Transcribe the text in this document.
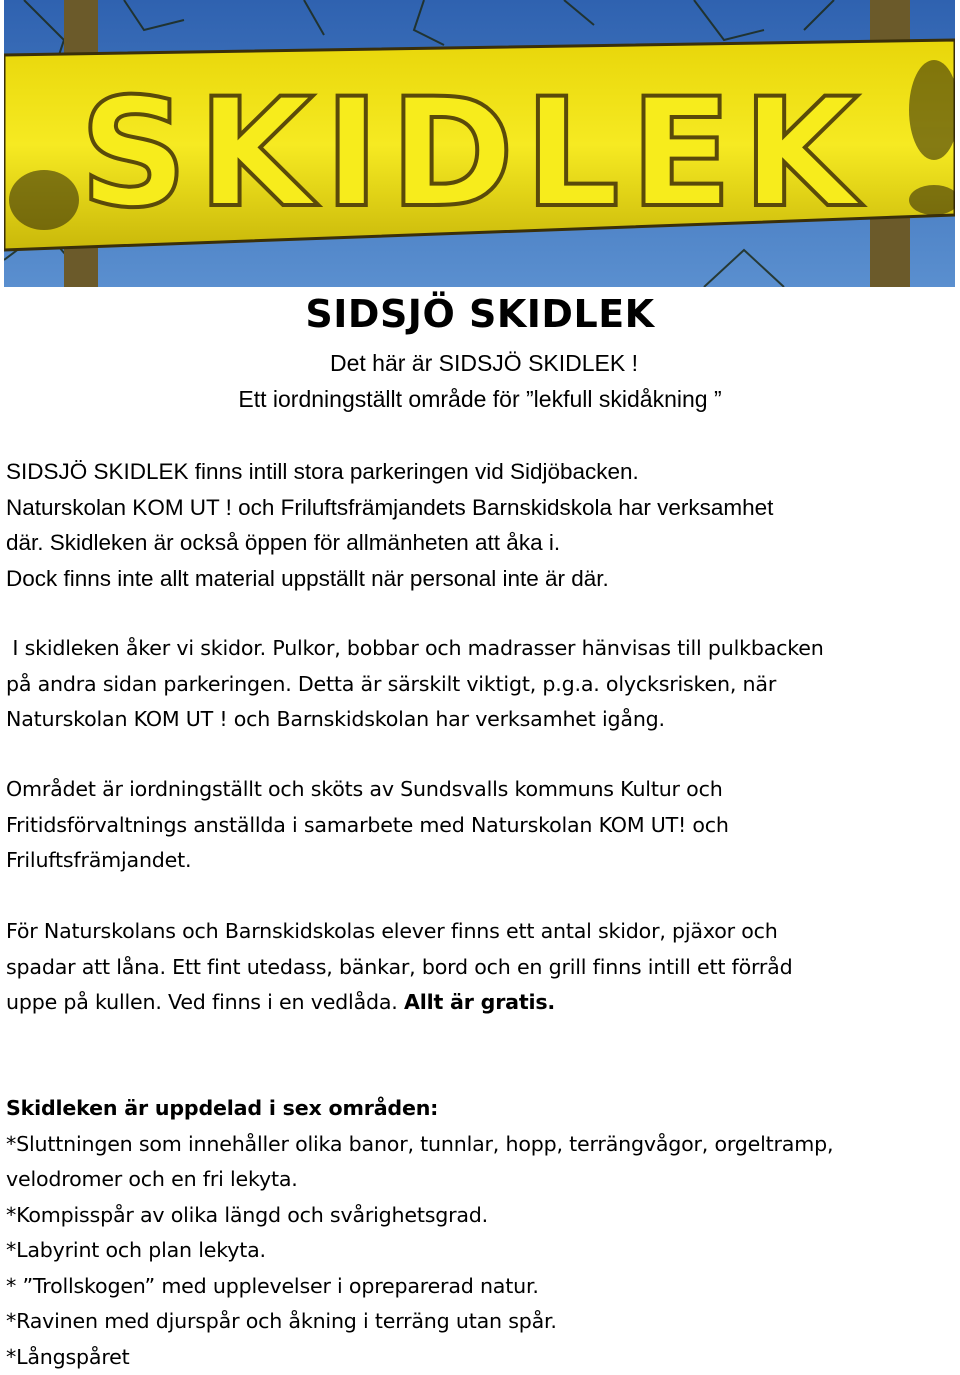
SKIDLEK
SIDSJÖ SKIDLEK

Det här är SIDSJÖ SKIDLEK !

Ett iordningställt område för ”lekfull skidåkning ”

SIDSJÖ SKIDLEK finns intill stora parkeringen vid Sidjöbacken.
Naturskolan KOM UT ! och Friluftsfrämjandets Barnskidskola har verksamhet
där. Skidleken är också öppen för allmänheten att åka i.
Dock finns inte allt material uppställt när personal inte är där.

I skidleken åker vi skidor. Pulkor, bobbar och madrasser hänvisas till pulkbacken
på andra sidan parkeringen. Detta är särskilt viktigt, p.g.a. olycksrisken, när
Naturskolan KOM UT ! och Barnskidskolan har verksamhet igång.

Området är iordningställt och sköts av Sundsvalls kommuns Kultur och
Fritidsförvaltnings anställda i samarbete med Naturskolan KOM UT! och
Friluftsfrämjandet.

För Naturskolans och Barnskidskolas elever finns ett antal skidor, pjäxor och
spadar att låna. Ett fint utedass, bänkar, bord och en grill finns intill ett förråd
uppe på kullen. Ved finns i en vedlåda. Allt är gratis.

Skidleken är uppdelad i sex områden:
*Sluttningen som innehåller olika banor, tunnlar, hopp, terrängvågor, orgeltramp,
velodromer och en fri lekyta.
*Kompisspår av olika längd och svårighetsgrad.
*Labyrint och plan lekyta.
* ”Trollskogen” med upplevelser i opreparerad natur.
*Ravinen med djurspår och åkning i terräng utan spår.
*Långspåret
